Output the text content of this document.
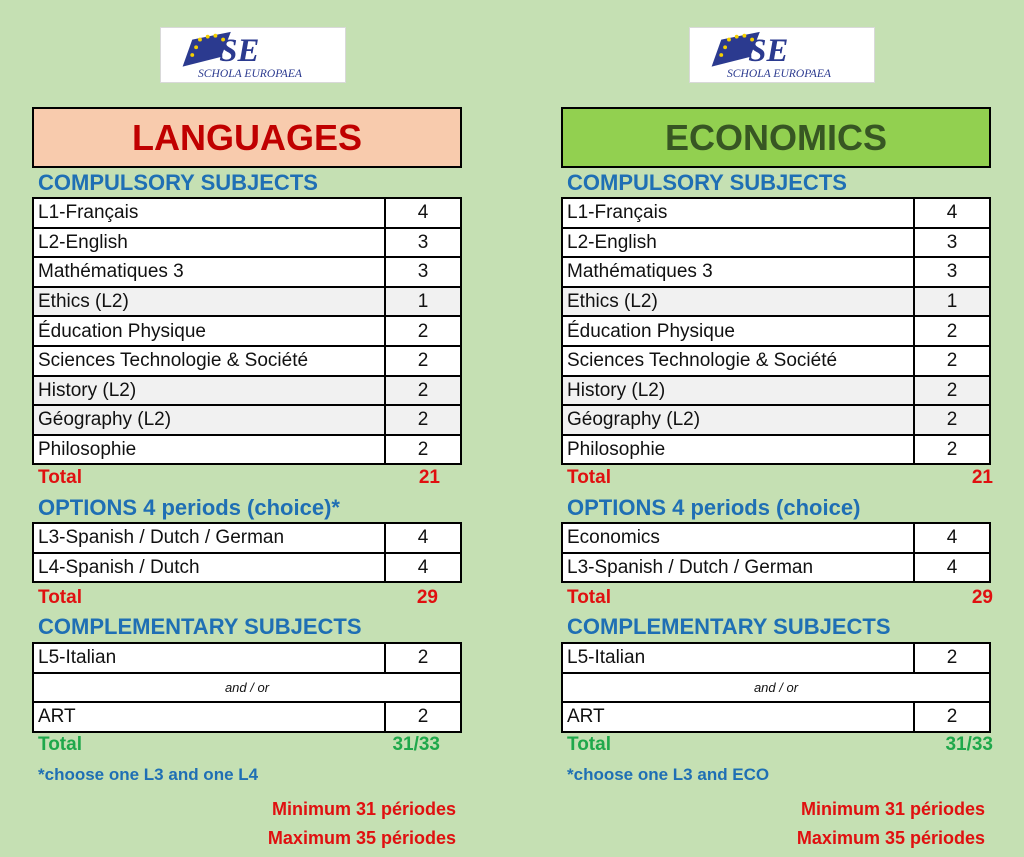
SE
SCHOLA EUROPAEA
LANGUAGES
COMPULSORY SUBJECTS
L1-Français	4
L2-English	3
Mathématiques 3	3
Ethics (L2)	1
Éducation Physique	2
Sciences Technologie & Société	2
History (L2)	2
Géography (L2)	2
Philosophie	2
Total	21
OPTIONS 4 periods (choice)*
L3-Spanish / Dutch / German	4
L4-Spanish / Dutch	4
Total	29
COMPLEMENTARY SUBJECTS
L5-Italian	2
and / or	
ART	2
Total	31/33
*choose one L3 and one L4
Minimum 31 périodes
Maximum 35 périodes
SE
SCHOLA EUROPAEA
ECONOMICS
COMPULSORY SUBJECTS
L1-Français	4
L2-English	3
Mathématiques 3	3
Ethics (L2)	1
Éducation Physique	2
Sciences Technologie & Société	2
History (L2)	2
Géography (L2)	2
Philosophie	2
Total	21
OPTIONS 4 periods (choice)
Economics	4
L3-Spanish / Dutch / German	4
Total	29
COMPLEMENTARY SUBJECTS
L5-Italian	2
and / or	
ART	2
Total	31/33
*choose one L3 and ECO
Minimum 31 périodes
Maximum 35 périodes
